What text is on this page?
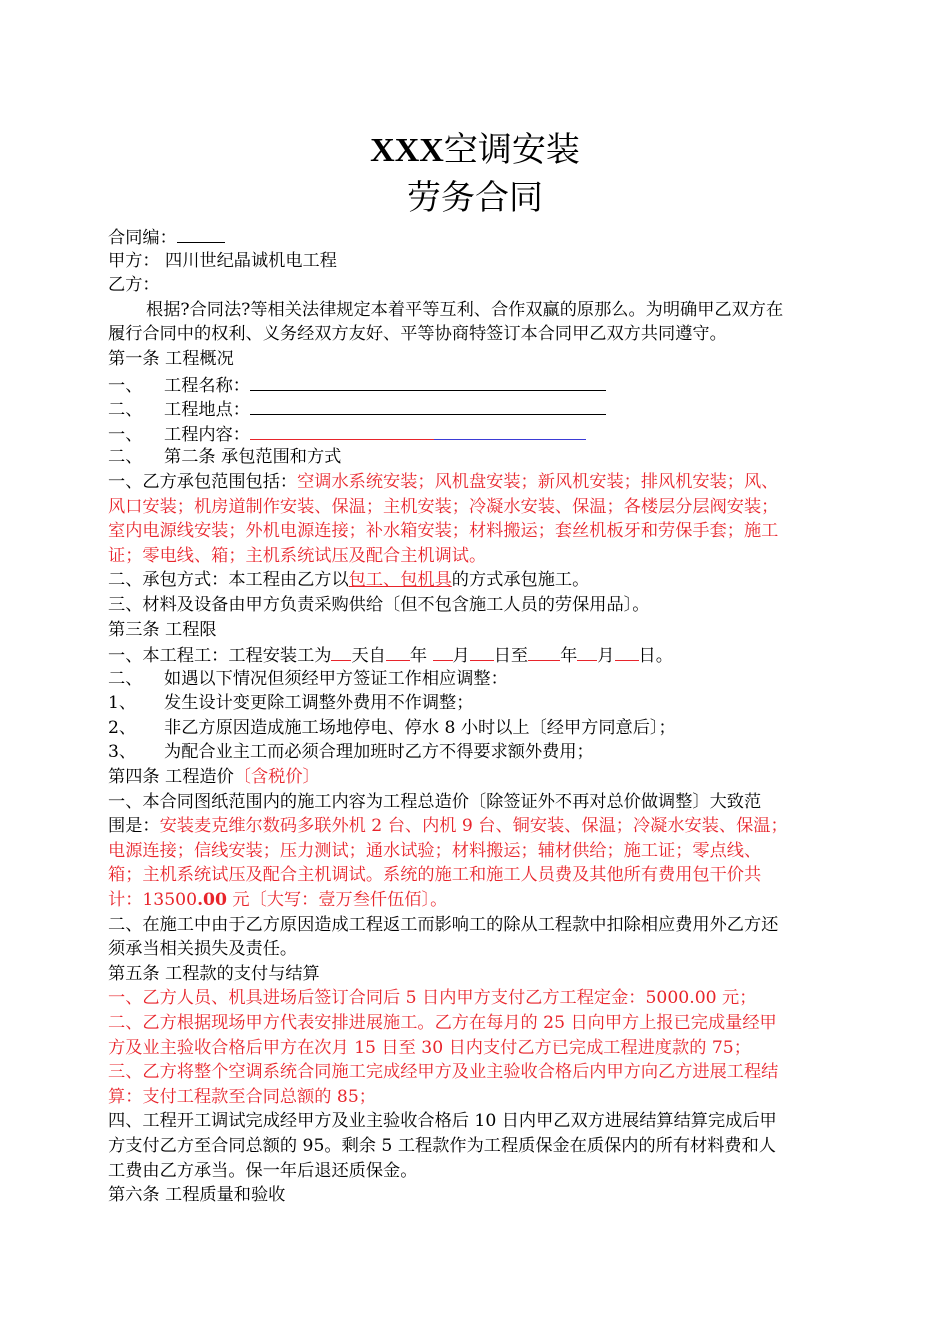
XXX空调安装
劳务合同
合同编：
甲方： 四川世纪晶诚机电工程
乙方：
根据?合同法?等相关法律规定本着平等互利、合作双赢的原那么。为明确甲乙双方在
履行合同中的权利、义务经双方友好、平等协商特签订本合同甲乙双方共同遵守。
第一条 工程概况
一、 工程名称：
二、 工程地点：
一、 工程内容：
二、 第二条 承包范围和方式
一、乙方承包范围包括：空调水系统安装；风机盘安装；新风机安装；排风机安装；风、
风口安装；机房道制作安装、保温；主机安装；冷凝水安装、保温；各楼层分层阀安装；
室内电源线安装；外机电源连接；补水箱安装；材料搬运；套丝机板牙和劳保手套；施工
证；零电线、箱；主机系统试压及配合主机调试。
二、承包方式：本工程由乙方以包工、包机具的方式承包施工。
三、材料及设备由甲方负责采购供给〔但不包含施工人员的劳保用品〕。
第三条 工程限
一、本工程工：工程安装工为 天自 年 月 日至 年 月 日。
二、 如遇以下情况但须经甲方签证工作相应调整：
1、 发生设计变更除工调整外费用不作调整；
2、 非乙方原因造成施工场地停电、停水 8 小时以上〔经甲方同意后〕；
3、 为配合业主工而必须合理加班时乙方不得要求额外费用；
第四条 工程造价〔含税价〕
一、本合同图纸范围内的施工内容为工程总造价〔除签证外不再对总价做调整〕大致范
围是：安装麦克维尔数码多联外机 2 台、内机 9 台、铜安装、保温；冷凝水安装、保温；
电源连接；信线安装；压力测试；通水试验；材料搬运；辅材供给；施工证；零点线、
箱；主机系统试压及配合主机调试。系统的施工和施工人员费及其他所有费用包干价共
计：13500.00 元〔大写：壹万叁仟伍佰〕。
二、在施工中由于乙方原因造成工程返工而影响工的除从工程款中扣除相应费用外乙方还
须承当相关损失及责任。
第五条 工程款的支付与结算
一、乙方人员、机具进场后签订合同后 5 日内甲方支付乙方工程定金：5000.00 元；
二、乙方根据现场甲方代表安排进展施工。乙方在每月的 25 日向甲方上报已完成量经甲
方及业主验收合格后甲方在次月 15 日至 30 日内支付乙方已完成工程进度款的 75；
三、乙方将整个空调系统合同施工完成经甲方及业主验收合格后内甲方向乙方进展工程结
算：支付工程款至合同总额的 85；
四、工程开工调试完成经甲方及业主验收合格后 10 日内甲乙双方进展结算结算完成后甲
方支付乙方至合同总额的 95。剩余 5 工程款作为工程质保金在质保内的所有材料费和人
工费由乙方承当。保一年后退还质保金。
第六条 工程质量和验收
